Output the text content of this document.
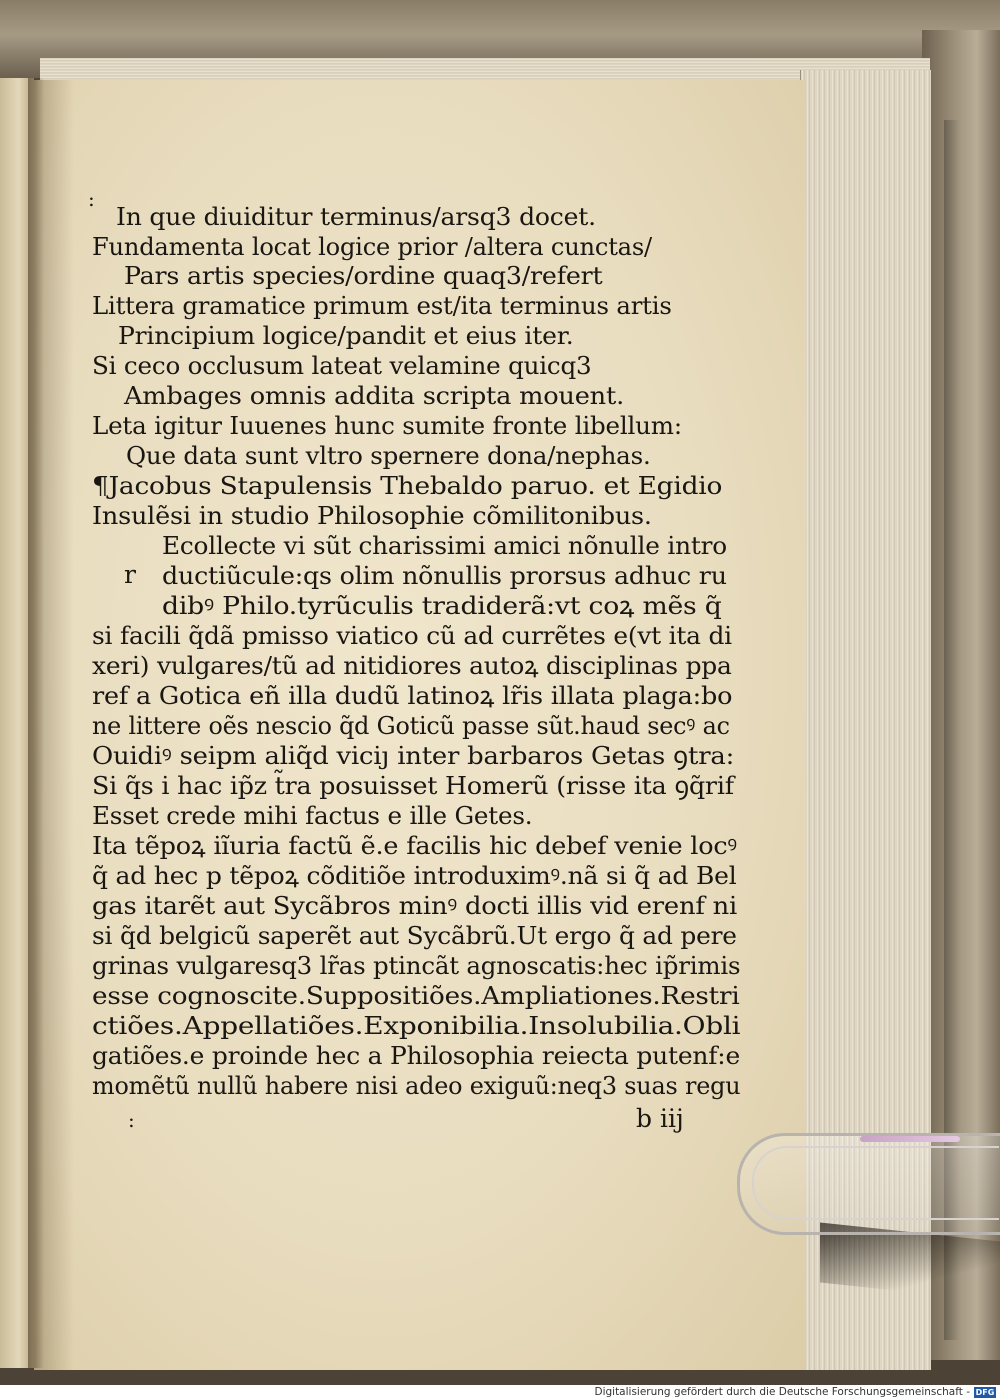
:
In que diuiditur terminus/arsq3 docet.
Fundamenta locat logice prior /altera cunctas/
Pars artis species/ordine quaq3/refert
Littera gramatice primum est/ita terminus artis
Principium logice/pandit et eius iter.
Si ceco occlusum lateat velamine quicq3
Ambages omnis addita scripta mouent.
Leta igitur Iuuenes hunc sumite fronte libellum:
Que data sunt vltro spernere dona/nephas.
¶Jacobus Stapulensis Thebaldo paruo. et Egidio
Insulẽsi in studio Philosophie cõmilitonibus.
Ecollecte vi sũt charissimi amici nõnulle intro
r ductiũcule:qs olim nõnullis prorsus adhuc ru
dibꝰ Philo.tyrũculis tradiderã:vt coꝝ mẽs q̃
si facili q̃dã pmisso viatico cũ ad currẽtes e(vt ita di
xeri) vulgares/tũ ad nitidiores autoꝝ disciplinas ppa
ref a Gotica eñ illa dudũ latinoꝝ lr̃is illata plaga:bo
ne littere oẽs nescio q̃d Goticũ passe sũt.haud secꝰ ac
Ouidiꝰ seipm aliq̃d viciȷ inter barbaros Getas ꝯtra:
Si q̃s i hac ip̃z t̃ra posuisset Homerũ (risse ita ꝯq̃rif
Esset crede mihi factus e ille Getes.
Ita tẽpoꝝ iĩuria factũ ẽ.e facilis hic debef venie locꝰ
q̃ ad hec p tẽpoꝝ cõditiõe introduximꝰ.nã si q̃ ad Bel
gas itarẽt aut Sycãbros minꝰ docti illis vid erenf ni
si q̃d belgicũ saperẽt aut Sycãbrũ.Ut ergo q̃ ad pere
grinas vulgaresq3 lr̃as ptincãt agnoscatis:hec ip̃rimis
esse cognoscite.Suppositiões.Ampliationes.Restri
ctiões.Appellatiões.Exponibilia.Insolubilia.Obli
gatiões.e proinde hec a Philosophia reiecta putenf:e
momẽtũ nullũ habere nisi adeo exiguũ:neq3 suas regu
:	b iij
Digitalisierung gefördert durch die Deutsche Forschungsgemeinschaft - DFG
